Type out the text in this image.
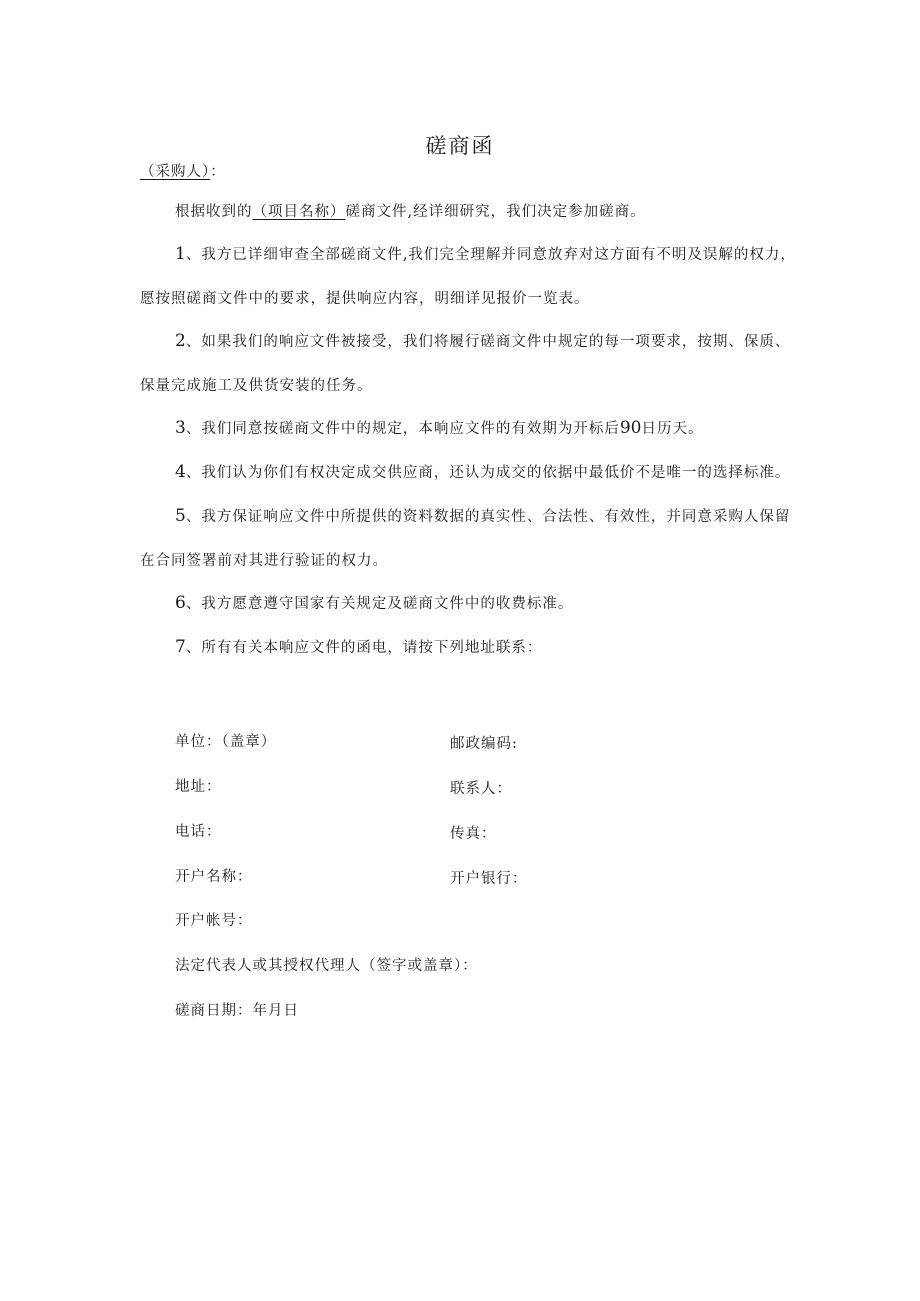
磋商函
（采购人）：
根据收到的（项目名称）磋商文件,经详细研究，我们决定参加磋商。
1、我方已详细审查全部磋商文件,我们完全理解并同意放弃对这方面有不明及误解的权力，
愿按照磋商文件中的要求，提供响应内容，明细详见报价一览表。
2、如果我们的响应文件被接受，我们将履行磋商文件中规定的每一项要求，按期、保质、
保量完成施工及供货安装的任务。
3、我们同意按磋商文件中的规定，本响应文件的有效期为开标后90日历天。
4、我们认为你们有权决定成交供应商，还认为成交的依据中最低价不是唯一的选择标准。
5、我方保证响应文件中所提供的资料数据的真实性、合法性、有效性，并同意采购人保留
在合同签署前对其进行验证的权力。
6、我方愿意遵守国家有关规定及磋商文件中的收费标准。
7、所有有关本响应文件的函电，请按下列地址联系：
单位：（盖章）	邮政编码:
地址：	联系人：
电话：	传真：
开户名称：	开户银行：
开户帐号：
法定代表人或其授权代理人（签字或盖章）：
磋商日期：年月日
